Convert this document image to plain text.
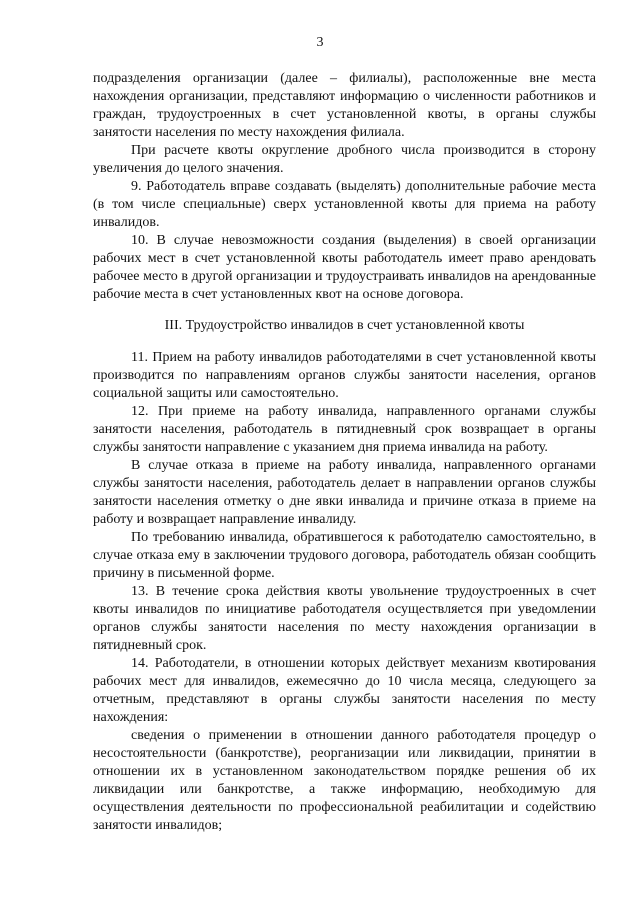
3

подразделения организации (далее – филиалы), расположенные вне места нахождения организации, представляют информацию о численности работников и граждан, трудоустроенных в счет установленной квоты, в органы службы занятости населения по месту нахождения филиала.

При расчете квоты округление дробного числа производится в сторону увеличения до целого значения.

9. Работодатель вправе создавать (выделять) дополнительные рабочие места (в том числе специальные) сверх установленной квоты для приема на работу инвалидов.

10. В случае невозможности создания (выделения) в своей организации рабочих мест в счет установленной квоты работодатель имеет право арендовать рабочее место в другой организации и трудоустраивать инвалидов на арендованные рабочие места в счет установленных квот на основе договора.

III. Трудоустройство инвалидов в счет установленной квоты

11. Прием на работу инвалидов работодателями в счет установленной квоты производится по направлениям органов службы занятости населения, органов социальной защиты или самостоятельно.

12. При приеме на работу инвалида, направленного органами службы занятости населения, работодатель в пятидневный срок возвращает в органы службы занятости направление с указанием дня приема инвалида на работу.

В случае отказа в приеме на работу инвалида, направленного органами службы занятости населения, работодатель делает в направлении органов службы занятости населения отметку о дне явки инвалида и причине отказа в приеме на работу и возвращает направление инвалиду.

По требованию инвалида, обратившегося к работодателю самостоятельно, в случае отказа ему в заключении трудового договора, работодатель обязан сообщить причину в письменной форме.

13. В течение срока действия квоты увольнение трудоустроенных в счет квоты инвалидов по инициативе работодателя осуществляется при уведомлении органов службы занятости населения по месту нахождения организации в пятидневный срок.

14. Работодатели, в отношении которых действует механизм квотирования рабочих мест для инвалидов, ежемесячно до 10 числа месяца, следующего за отчетным, представляют в органы службы занятости населения по месту нахождения:

сведения о применении в отношении данного работодателя процедур о несостоятельности (банкротстве), реорганизации или ликвидации, принятии в отношении их в установленном законодательством порядке решения об их ликвидации или банкротстве, а также информацию, необходимую для осуществления деятельности по профессиональной реабилитации и содействию занятости инвалидов;
